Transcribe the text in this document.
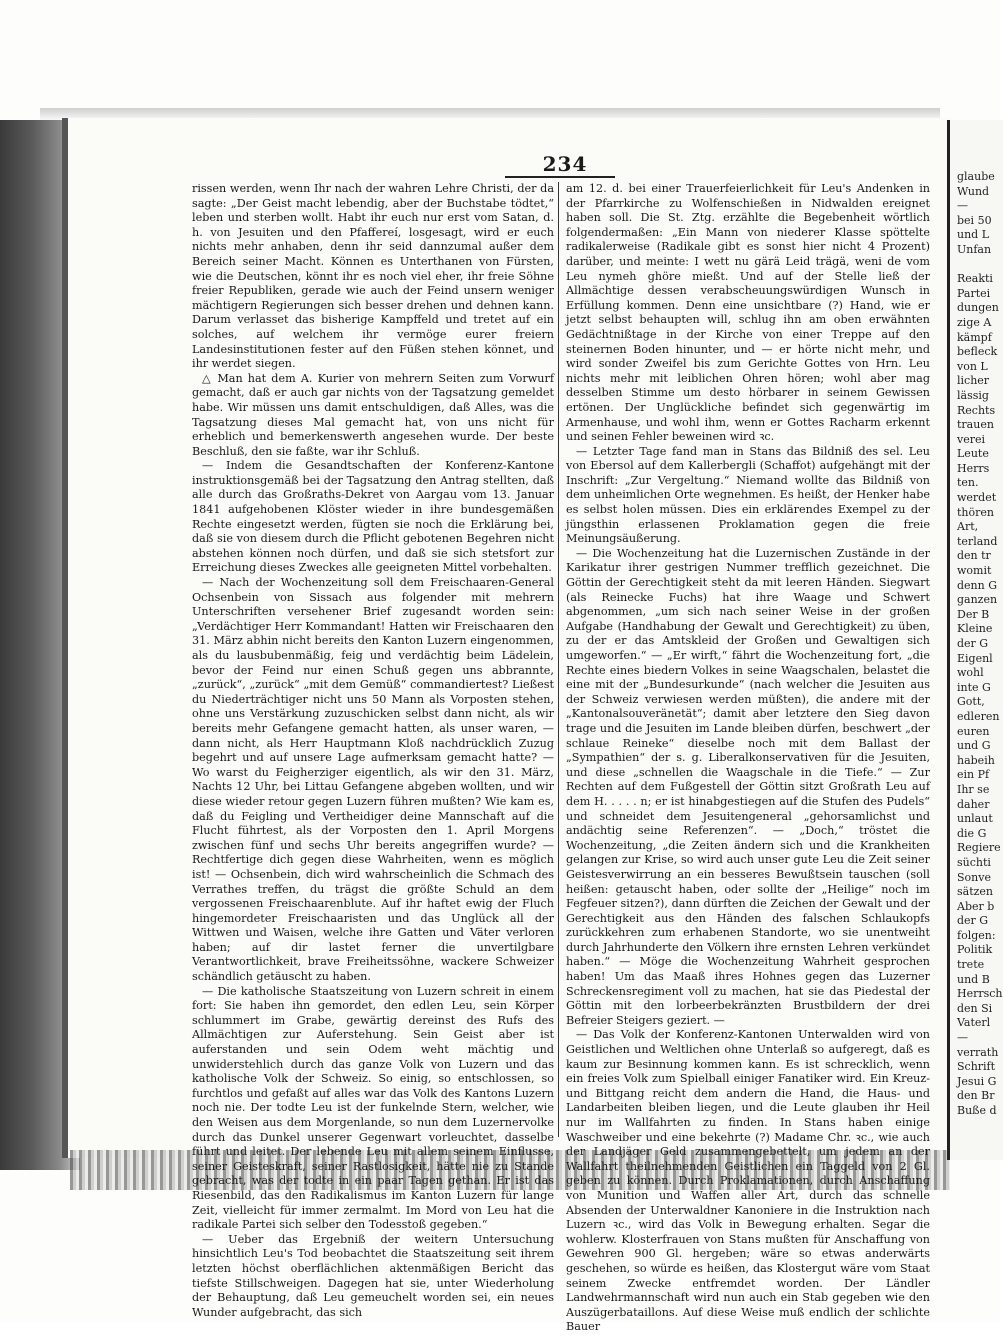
glaube
Wund
—
bei 50
und L
Unfan

Reakti
Partei
dungen
zige A
kämpf
befleck
von L
licher
lässig
Rechts
trauen
verei
Leute
Herrs
ten.
werdet
thören
Art,
terland
den tr
womit
denn G
ganzen
Der B
Kleine
der G
Eigenl
wohl
inte G
Gott,
edleren
euren
und G
habeih
ein Pf
Ihr se
daher
unlaut
die G
Regiere
süchti
Sonve
sätzen
Aber b
der G
folgen:
Politik
trete
und B
Herrsch
den Si
Vaterl
—
verrath
Schrift
Jesui G
den Br
Buße d
234

rissen werden, wenn Ihr nach der wahren Lehre Christi, der da sagte: „Der Geist macht lebendig, aber der Buchstabe tödtet,“ leben und sterben wollt. Habt ihr euch nur erst vom Satan, d. h. von Jesuiten und den Pfaffereí, losgesagt, wird er euch nichts mehr anhaben, denn ihr seid dannzumal außer dem Bereich seiner Macht. Können es Unterthanen von Fürsten, wie die Deutschen, könnt ihr es noch viel eher, ihr freie Söhne freier Republiken, gerade wie auch der Feind unsern weniger mächtigern Regierungen sich besser drehen und dehnen kann. Darum verlasset das bisherige Kampffeld und tretet auf ein solches, auf welchem ihr vermöge eurer freiern Landesinstitutionen fester auf den Füßen stehen könnet, und ihr werdet siegen.

△ Man hat dem A. Kurier von mehrern Seiten zum Vorwurf gemacht, daß er auch gar nichts von der Tagsatzung gemeldet habe. Wir müssen uns damit entschuldigen, daß Alles, was die Tagsatzung dieses Mal gemacht hat, von uns nicht für erheblich und bemerkenswerth angesehen wurde. Der beste Beschluß, den sie faßte, war ihr Schluß.

— Indem die Gesandtschaften der Konferenz-Kantone instruktionsgemäß bei der Tagsatzung den Antrag stellten, daß alle durch das Großraths-Dekret von Aargau vom 13. Januar 1841 aufgehobenen Klöster wieder in ihre bundesgemäßen Rechte eingesetzt werden, fügten sie noch die Erklärung bei, daß sie von diesem durch die Pflicht gebotenen Begehren nicht abstehen können noch dürfen, und daß sie sich stetsfort zur Erreichung dieses Zweckes alle geeigneten Mittel vorbehalten.

— Nach der Wochenzeitung soll dem Freischaaren-General Ochsenbein von Sissach aus folgender mit mehrern Unterschriften versehener Brief zugesandt worden sein: „Verdächtiger Herr Kommandant! Hatten wir Freischaaren den 31. März abhin nicht bereits den Kanton Luzern eingenommen, als du lausbubenmäßig, feig und verdächtig beim Lädelein, bevor der Feind nur einen Schuß gegen uns abbrannte, „zurück“, „zurück“ „mit dem Gemüß“ commandiertest? Ließest du Niederträchtiger nicht uns 50 Mann als Vorposten stehen, ohne uns Verstärkung zuzuschicken selbst dann nicht, als wir bereits mehr Gefangene gemacht hatten, als unser waren, — dann nicht, als Herr Hauptmann Kloß nachdrücklich Zuzug begehrt und auf unsere Lage aufmerksam gemacht hatte? — Wo warst du Feigherziger eigentlich, als wir den 31. März, Nachts 12 Uhr, bei Littau Gefangene abgeben wollten, und wir diese wieder retour gegen Luzern führen mußten? Wie kam es, daß du Feigling und Vertheidiger deine Mannschaft auf die Flucht führtest, als der Vorposten den 1. April Morgens zwischen fünf und sechs Uhr bereits angegriffen wurde? — Rechtfertige dich gegen diese Wahrheiten, wenn es möglich ist! — Ochsenbein, dich wird wahrscheinlich die Schmach des Verrathes treffen, du trägst die größte Schuld an dem vergossenen Freischaarenblute. Auf ihr haftet ewig der Fluch hingemordeter Freischaaristen und das Unglück all der Wittwen und Waisen, welche ihre Gatten und Väter verloren haben; auf dir lastet ferner die unvertilgbare Verantwortlichkeit, brave Freiheitssöhne, wackere Schweizer schändlich getäuscht zu haben.

— Die katholische Staatszeitung von Luzern schreit in einem fort: Sie haben ihn gemordet, den edlen Leu, sein Körper schlummert im Grabe, gewärtig dereinst des Rufs des Allmächtigen zur Auferstehung. Sein Geist aber ist auferstanden und sein Odem weht mächtig und unwiderstehlich durch das ganze Volk von Luzern und das katholische Volk der Schweiz. So einig, so entschlossen, so furchtlos und gefaßt auf alles war das Volk des Kantons Luzern noch nie. Der todte Leu ist der funkelnde Stern, welcher, wie den Weisen aus dem Morgenlande, so nun dem Luzernervolke durch das Dunkel unserer Gegenwart vorleuchtet, dasselbe führt und leitet. Der lebende Leu mit allem seinem Einflusse, seiner Geisteskraft, seiner Rastlosigkeit, hätte nie zu Stande gebracht, was der todte in ein paar Tagen gethan. Er ist das Riesenbild, das den Radikalismus im Kanton Luzern für lange Zeit, vielleicht für immer zermalmt. Im Mord von Leu hat die radikale Partei sich selber den Todesstoß gegeben.“

— Ueber das Ergebniß der weitern Untersuchung hinsichtlich Leu's Tod beobachtet die Staatszeitung seit ihrem letzten höchst oberflächlichen aktenmäßigen Bericht das tiefste Stillschweigen. Dagegen hat sie, unter Wiederholung der Behauptung, daß Leu gemeuchelt worden sei, ein neues Wunder aufgebracht, das sich

am 12. d. bei einer Trauerfeierlichkeit für Leu's Andenken in der Pfarrkirche zu Wolfenschießen in Nidwalden ereignet haben soll. Die St. Ztg. erzählte die Begebenheit wörtlich folgendermaßen: „Ein Mann von niederer Klasse spöttelte radikalerweise (Radikale gibt es sonst hier nicht 4 Prozent) darüber, und meinte: I wett nu gärä Leid trägä, weni de vom Leu nymeh ghöre mießt. Und auf der Stelle ließ der Allmächtige dessen verabscheuungswürdigen Wunsch in Erfüllung kommen. Denn eine unsichtbare (?) Hand, wie er jetzt selbst behaupten will, schlug ihn am oben erwähnten Gedächtnißtage in der Kirche von einer Treppe auf den steinernen Boden hinunter, und — er hörte nicht mehr, und wird sonder Zweifel bis zum Gerichte Gottes von Hrn. Leu nichts mehr mit leiblichen Ohren hören; wohl aber mag desselben Stimme um desto hörbarer in seinem Gewissen ertönen. Der Unglückliche befindet sich gegenwärtig im Armenhause, und wohl ihm, wenn er Gottes Racharm erkennt und seinen Fehler beweinen wird ꝛc.

— Letzter Tage fand man in Stans das Bildniß des sel. Leu von Ebersol auf dem Kallerbergli (Schaffot) aufgehängt mit der Inschrift: „Zur Vergeltung.“ Niemand wollte das Bildniß von dem unheimlichen Orte wegnehmen. Es heißt, der Henker habe es selbst holen müssen. Dies ein erklärendes Exempel zu der jüngsthin erlassenen Proklamation gegen die freie Meinungsäußerung.

— Die Wochenzeitung hat die Luzernischen Zustände in der Karikatur ihrer gestrigen Nummer trefflich gezeichnet. Die Göttin der Gerechtigkeit steht da mit leeren Händen. Siegwart (als Reinecke Fuchs) hat ihre Waage und Schwert abgenommen, „um sich nach seiner Weise in der großen Aufgabe (Handhabung der Gewalt und Gerechtigkeit) zu üben, zu der er das Amtskleid der Großen und Gewaltigen sich umgeworfen.“ — „Er wirft,“ fährt die Wochenzeitung fort, „die Rechte eines biedern Volkes in seine Waagschalen, belastet die eine mit der „Bundesurkunde“ (nach welcher die Jesuiten aus der Schweiz verwiesen werden müßten), die andere mit der „Kantonalsouveränetät“; damit aber letztere den Sieg davon trage und die Jesuiten im Lande bleiben dürfen, beschwert „der schlaue Reineke“ dieselbe noch mit dem Ballast der „Sympathien“ der s. g. Liberalkonservativen für die Jesuiten, und diese „schnellen die Waagschale in die Tiefe.“ — Zur Rechten auf dem Fußgestell der Göttin sitzt Großrath Leu auf dem H. . . . . n; er ist hinabgestiegen auf die Stufen des Pudels“ und schneidet dem Jesuitengeneral „gehorsamlichst und andächtig seine Referenzen“. — „Doch,“ tröstet die Wochenzeitung, „die Zeiten ändern sich und die Krankheiten gelangen zur Krise, so wird auch unser gute Leu die Zeit seiner Geistesverwirrung an ein besseres Bewußtsein tauschen (soll heißen: getauscht haben, oder sollte der „Heilige“ noch im Fegfeuer sitzen?), dann dürften die Zeichen der Gewalt und der Gerechtigkeit aus den Händen des falschen Schlaukopfs zurückkehren zum erhabenen Standorte, wo sie unentweiht durch Jahrhunderte den Völkern ihre ernsten Lehren verkündet haben.“ — Möge die Wochenzeitung Wahrheit gesprochen haben! Um das Maaß ihres Hohnes gegen das Luzerner Schreckensregiment voll zu machen, hat sie das Piedestal der Göttin mit den lorbeerbekränzten Brustbildern der drei Befreier Steigers geziert. —

— Das Volk der Konferenz-Kantonen Unterwalden wird von Geistlichen und Weltlichen ohne Unterlaß so aufgeregt, daß es kaum zur Besinnung kommen kann. Es ist schrecklich, wenn ein freies Volk zum Spielball einiger Fanatiker wird. Ein Kreuz- und Bittgang reicht dem andern die Hand, die Haus- und Landarbeiten bleiben liegen, und die Leute glauben ihr Heil nur im Wallfahrten zu finden. In Stans haben einige Waschweiber und eine bekehrte (?) Madame Chr. ꝛc., wie auch der Landjäger Geld zusammengebettelt, um jedem an der Wallfahrt theilnehmenden Geistlichen ein Taggeld von 2 Gl. geben zu können. Durch Proklamationen, durch Anschaffung von Munition und Waffen aller Art, durch das schnelle Absenden der Unterwaldner Kanoniere in die Instruktion nach Luzern ꝛc., wird das Volk in Bewegung erhalten. Segar die wohlerw. Klosterfrauen von Stans mußten für Anschaffung von Gewehren 900 Gl. hergeben; wäre so etwas anderwärts geschehen, so würde es heißen, das Klostergut wäre vom Staat seinem Zwecke entfremdet worden. Der Ländler Landwehrmannschaft wird nun auch ein Stab gegeben wie den Auszügerbataillons. Auf diese Weise muß endlich der schlichte Bauer
